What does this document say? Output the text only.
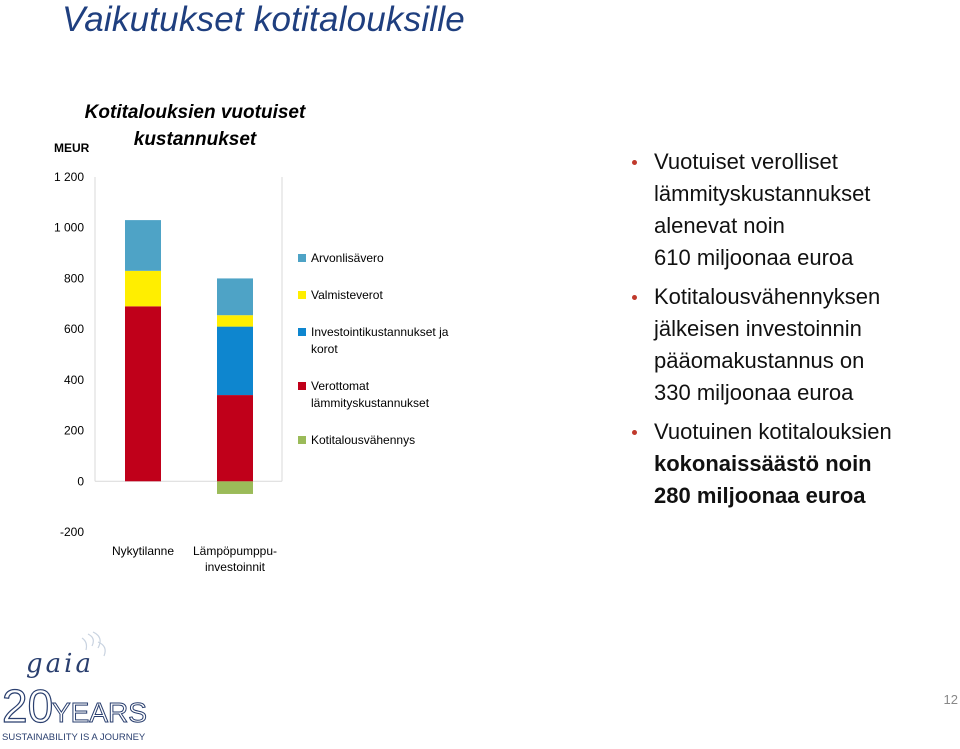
Vaikutukset kotitalouksille
Kotitalouksien vuotuiset
kustannukset
MEUR
-200
0
200
400
600
800
1 000
1 200
Nykytilanne Lämpöpumppu-
investoinnit
Arvonlisävero
Valmisteverot
Investointikustannukset ja
korot
Verottomat
lämmityskustannukset
Kotitalousvähennys
Vuotuiset verolliset
lämmityskustannukset
alenevat noin
610 miljoonaa euroa
Kotitalousvähennyksen
jälkeisen investoinnin
pääomakustannus on
330 miljoonaa euroa
Vuotuinen kotitalouksien
kokonaissäästö noin
280 miljoonaa euroa
gaia
20
YEARS
SUSTAINABILITY IS A JOURNEY
12
